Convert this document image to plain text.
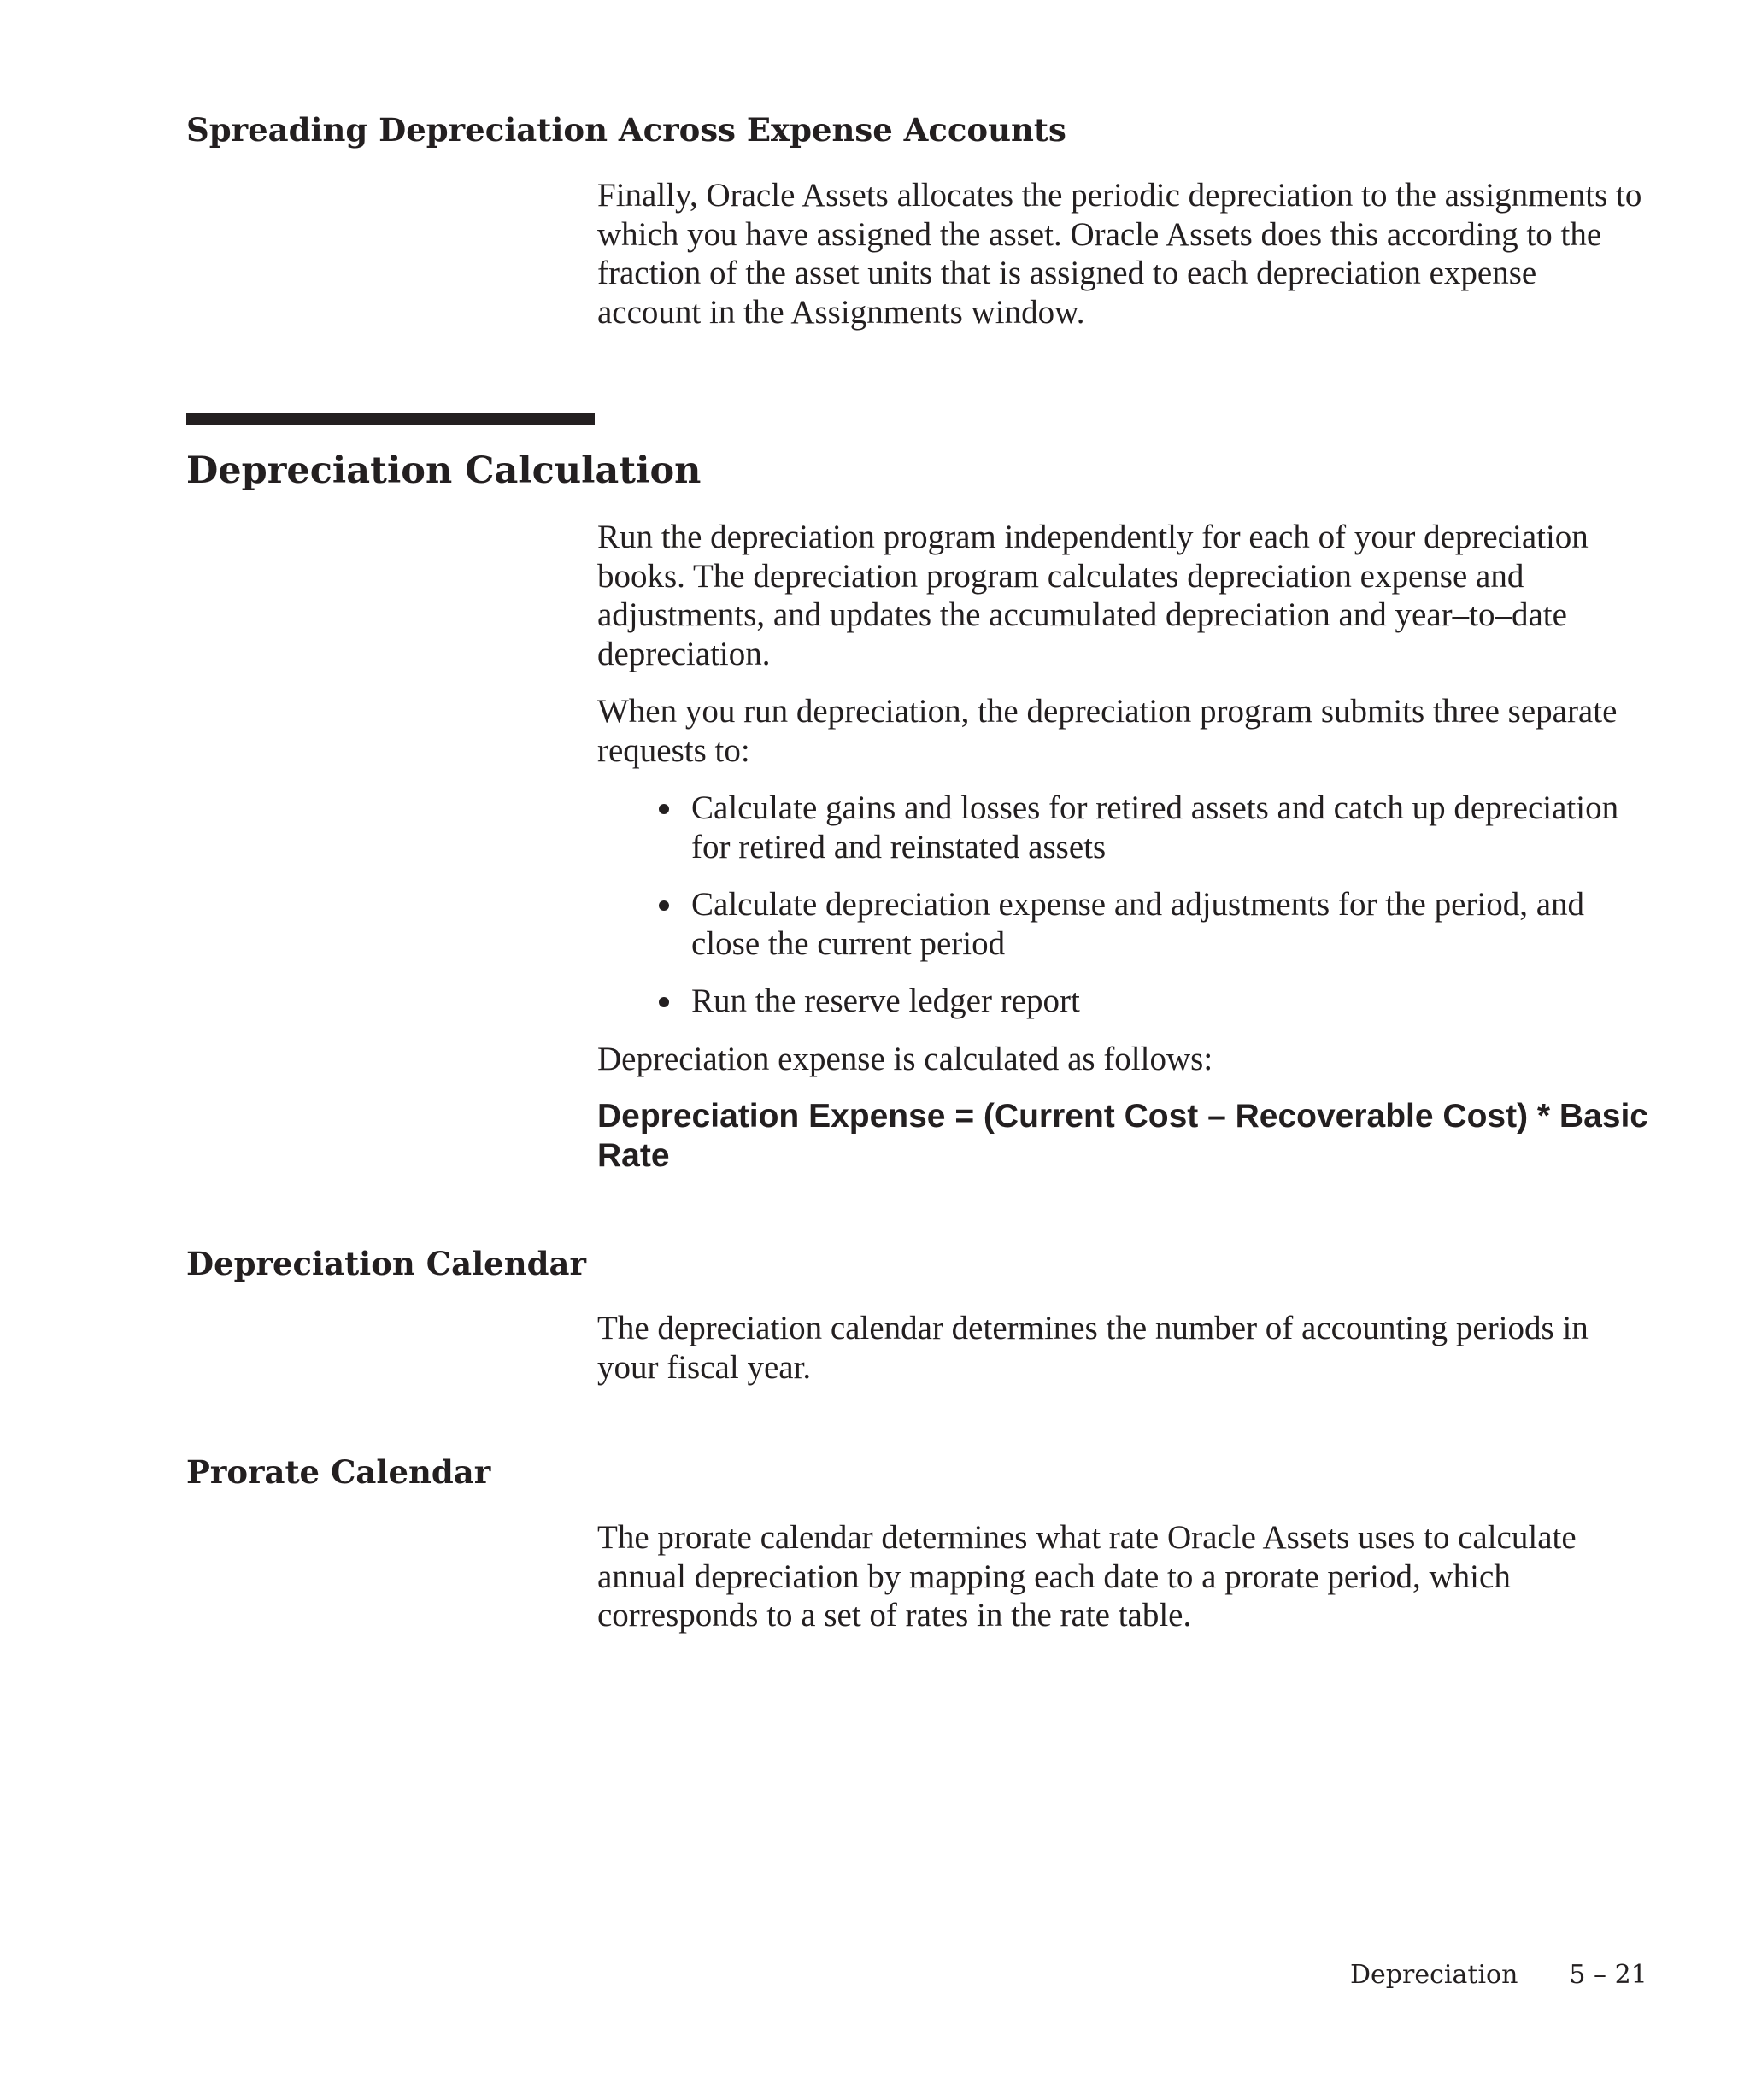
Spreading Depreciation Across Expense Accounts

Finally, Oracle Assets allocates the periodic depreciation to the assignments to which you have assigned the asset. Oracle Assets does this according to the fraction of the asset units that is assigned to each depreciation expense account in the Assignments window.

Depreciation Calculation

Run the depreciation program independently for each of your depreciation books. The depreciation program calculates depreciation expense and adjustments, and updates the accumulated depreciation and year–to–date depreciation.

When you run depreciation, the depreciation program submits three separate requests to:

Calculate gains and losses for retired assets and catch up depreciation for retired and reinstated assets
Calculate depreciation expense and adjustments for the period, and close the current period
Run the reserve ledger report

Depreciation expense is calculated as follows:

Depreciation Expense = (Current Cost – Recoverable Cost) * Basic Rate

Depreciation Calendar

The depreciation calendar determines the number of accounting periods in your fiscal year.

Prorate Calendar

The prorate calendar determines what rate Oracle Assets uses to calculate annual depreciation by mapping each date to a prorate period, which corresponds to a set of rates in the rate table.

Depreciation 5 – 21
